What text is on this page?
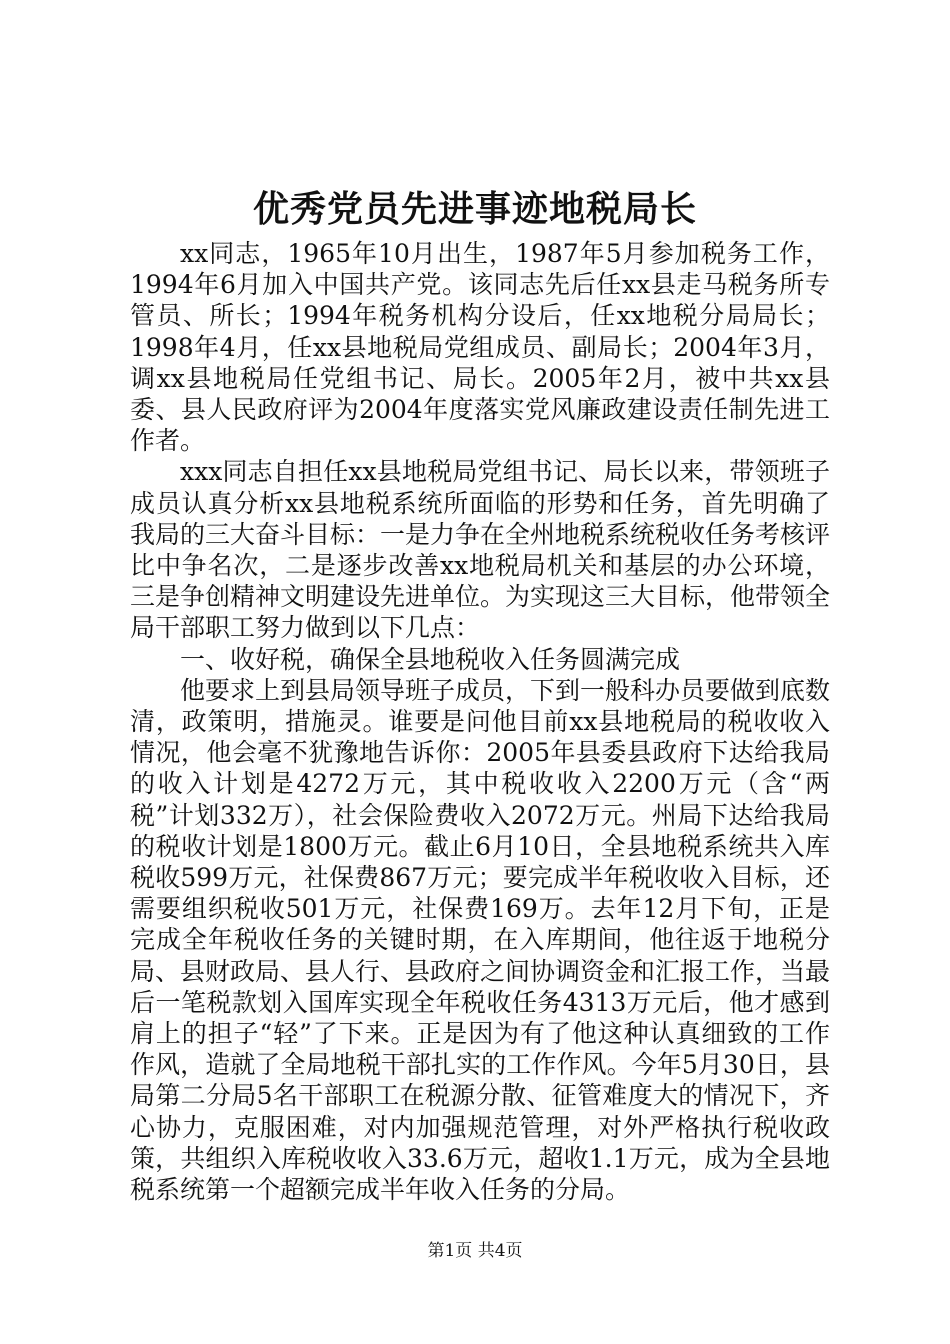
优秀党员先进事迹地税局长

xx同志，1965年10月出生，1987年5月参加税务工作，1994年6月加入中国共产党。该同志先后任xx县走马税务所专管员、所长；1994年税务机构分设后，任xx地税分局局长；1998年4月，任xx县地税局党组成员、副局长；2004年3月，调xx县地税局任党组书记、局长。2005年2月，被中共xx县委、县人民政府评为2004年度落实党风廉政建设责任制先进工作者。

xxx同志自担任xx县地税局党组书记、局长以来，带领班子成员认真分析xx县地税系统所面临的形势和任务，首先明确了我局的三大奋斗目标：一是力争在全州地税系统税收任务考核评比中争名次，二是逐步改善xx地税局机关和基层的办公环境，三是争创精神文明建设先进单位。为实现这三大目标，他带领全局干部职工努力做到以下几点：

一、收好税，确保全县地税收入任务圆满完成

他要求上到县局领导班子成员，下到一般科办员要做到底数清，政策明，措施灵。谁要是问他目前xx县地税局的税收收入情况，他会毫不犹豫地告诉你：2005年县委县政府下达给我局的收入计划是4272万元，其中税收收入2200万元（含“两税”计划332万），社会保险费收入2072万元。州局下达给我局的税收计划是1800万元。截止6月10日，全县地税系统共入库税收599万元，社保费867万元；要完成半年税收收入目标，还需要组织税收501万元，社保费169万。去年12月下旬，正是完成全年税收任务的关键时期，在入库期间，他往返于地税分局、县财政局、县人行、县政府之间协调资金和汇报工作，当最后一笔税款划入国库实现全年税收任务4313万元后，他才感到肩上的担子“轻”了下来。正是因为有了他这种认真细致的工作作风，造就了全局地税干部扎实的工作作风。今年5月30日，县局第二分局5名干部职工在税源分散、征管难度大的情况下，齐心协力，克服困难，对内加强规范管理，对外严格执行税收政策，共组织入库税收收入33.6万元，超收1.1万元，成为全县地税系统第一个超额完成半年收入任务的分局。

第1页 共4页
